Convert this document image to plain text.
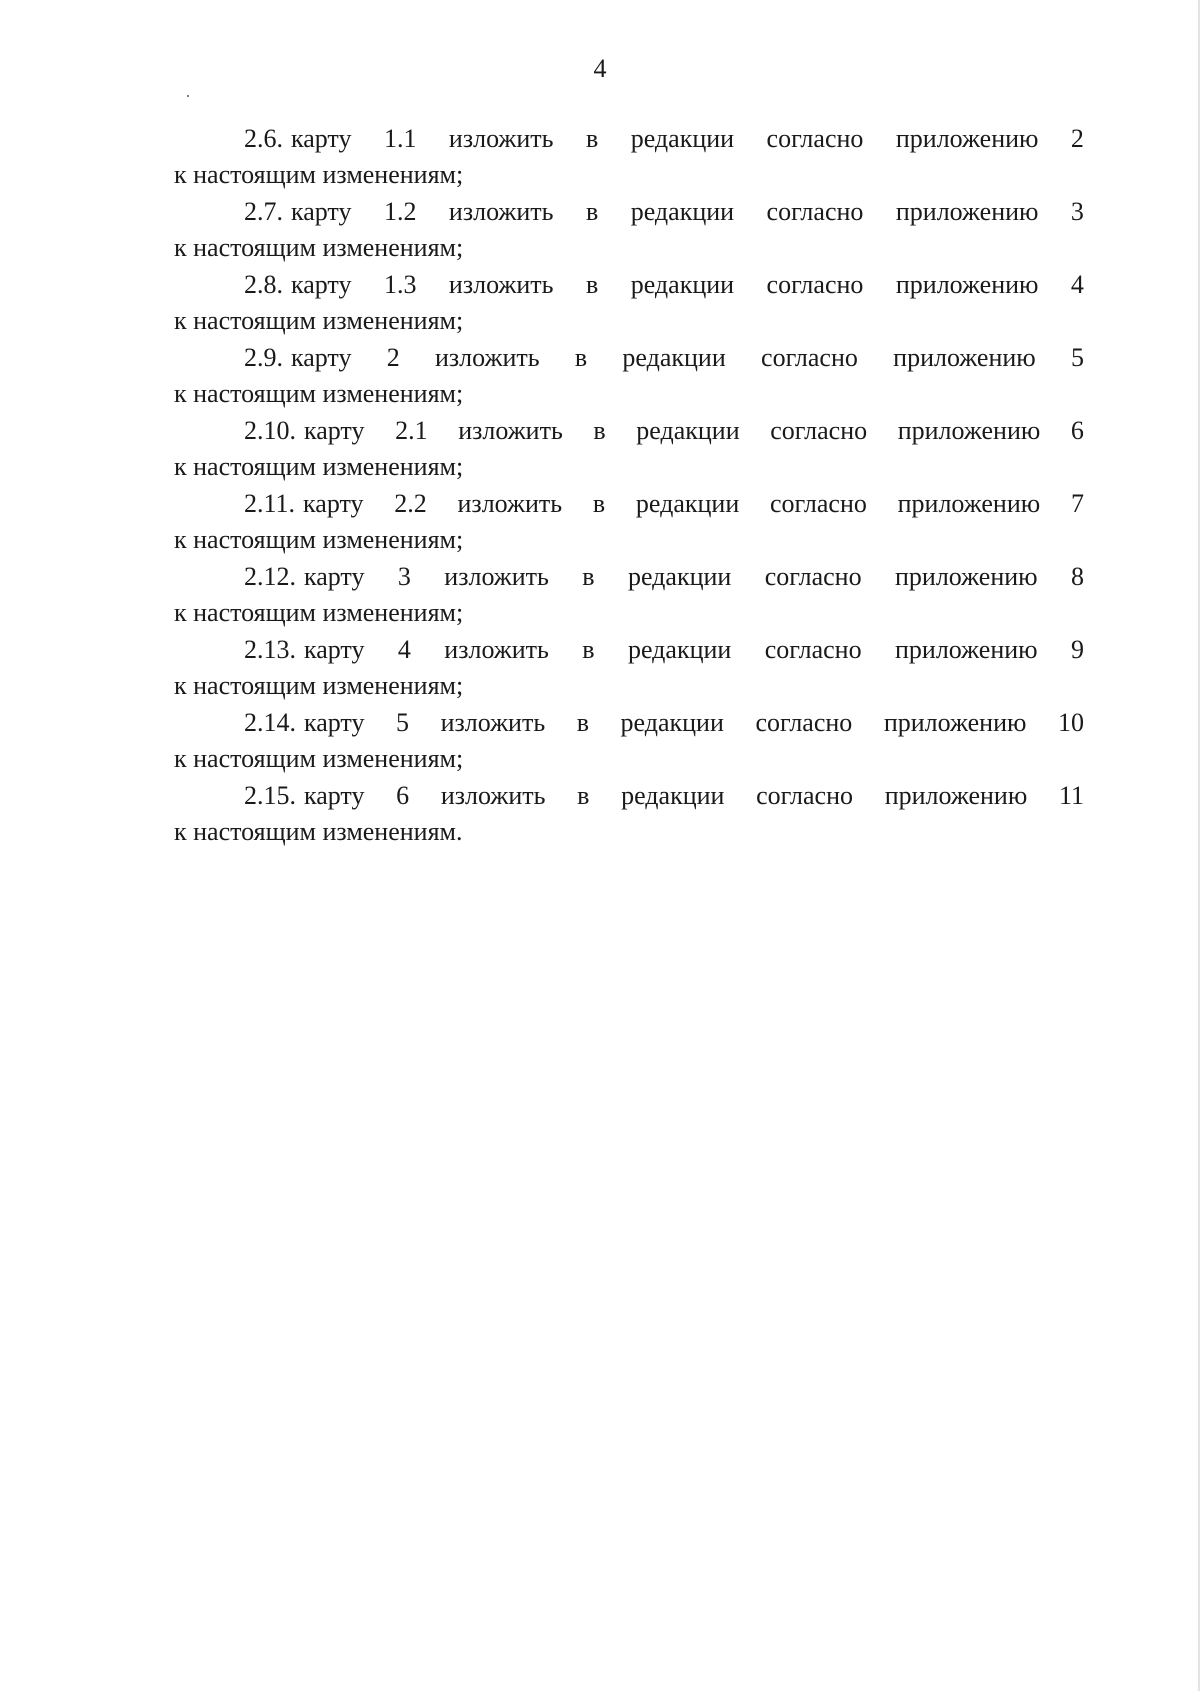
4
2.6. карту 1.1 изложить в редакции согласно приложению 2
к настоящим изменениям;
2.7. карту 1.2 изложить в редакции согласно приложению 3
к настоящим изменениям;
2.8. карту 1.3 изложить в редакции согласно приложению 4
к настоящим изменениям;
2.9. карту 2 изложить в редакции согласно приложению 5
к настоящим изменениям;
2.10. карту 2.1 изложить в редакции согласно приложению 6
к настоящим изменениям;
2.11. карту 2.2 изложить в редакции согласно приложению 7
к настоящим изменениям;
2.12. карту 3 изложить в редакции согласно приложению 8
к настоящим изменениям;
2.13. карту 4 изложить в редакции согласно приложению 9
к настоящим изменениям;
2.14. карту 5 изложить в редакции согласно приложению 10
к настоящим изменениям;
2.15. карту 6 изложить в редакции согласно приложению 11
к настоящим изменениям.
